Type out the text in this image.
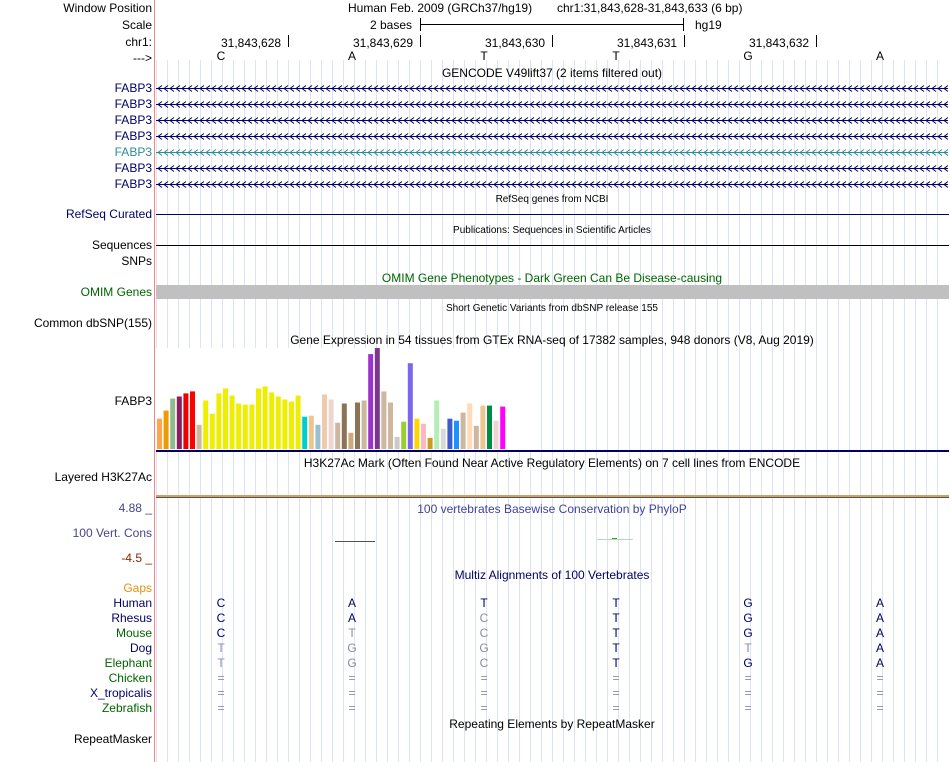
Window Position	Human Feb. 2009 (GRCh37/hg19) chr1:31,843,628-31,843,633 (6 bp)
Scale	2 bases	hg19
chr1:	31,843,628	31,843,629	31,843,630	31,843,631	31,843,632
--->	C	A	T	T	G	A
GENCODE V49lift37 (2 items filtered out)
FABP3
FABP3
FABP3
FABP3
FABP3
FABP3
FABP3
RefSeq genes from NCBI
RefSeq Curated
Publications: Sequences in Scientific Articles
Sequences
SNPs
OMIM Gene Phenotypes - Dark Green Can Be Disease-causing
OMIM Genes
Short Genetic Variants from dbSNP release 155
Common dbSNP(155)
Gene Expression in 54 tissues from GTEx RNA-seq of 17382 samples, 948 donors (V8, Aug 2019)
FABP3
H3K27Ac Mark (Often Found Near Active Regulatory Elements) on 7 cell lines from ENCODE
Layered H3K27Ac
100 vertebrates Basewise Conservation by PhyloP
4.88 _
100 Vert. Cons
-4.5 _
Multiz Alignments of 100 Vertebrates
Gaps
Human	C	A	T	T	G	A
Rhesus	C	A	C	T	G	A
Mouse	C	T	C	T	G	A
Dog	T	G	G	T	T	A
Elephant	T	G	C	T	G	A
Chicken	=	=	=	=	=	=
X_tropicalis	=	=	=	=	=	=
Zebrafish	=	=	=	=	=	=
Repeating Elements by RepeatMasker
RepeatMasker
